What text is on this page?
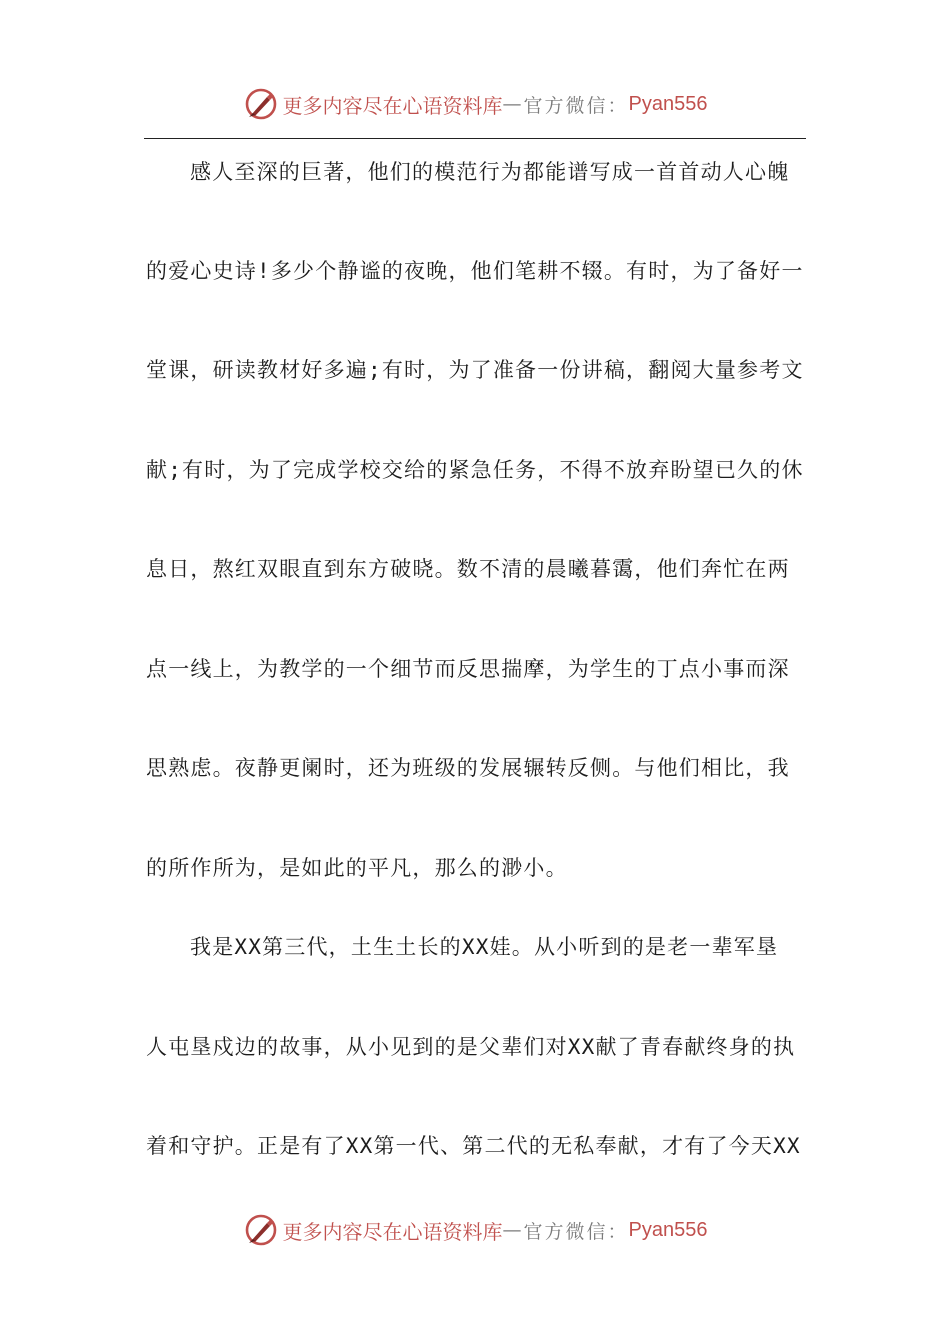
更多内容尽在心语资料库 — 官方微信： Pyan556
感人至深的巨著，他们的模范行为都能谱写成一首首动人心魄
的爱心史诗!多少个静谧的夜晚，他们笔耕不辍。有时，为了备好一
堂课，研读教材好多遍;有时，为了准备一份讲稿，翻阅大量参考文
献;有时，为了完成学校交给的紧急任务，不得不放弃盼望已久的休
息日，熬红双眼直到东方破晓。数不清的晨曦暮霭，他们奔忙在两
点一线上，为教学的一个细节而反思揣摩，为学生的丁点小事而深
思熟虑。夜静更阑时，还为班级的发展辗转反侧。与他们相比，我
的所作所为，是如此的平凡，那么的渺小。
我是XX第三代，土生土长的XX娃。从小听到的是老一辈军垦
人屯垦戍边的故事，从小见到的是父辈们对XX献了青春献终身的执
着和守护。正是有了XX第一代、第二代的无私奉献，才有了今天XX
更多内容尽在心语资料库 — 官方微信： Pyan556
